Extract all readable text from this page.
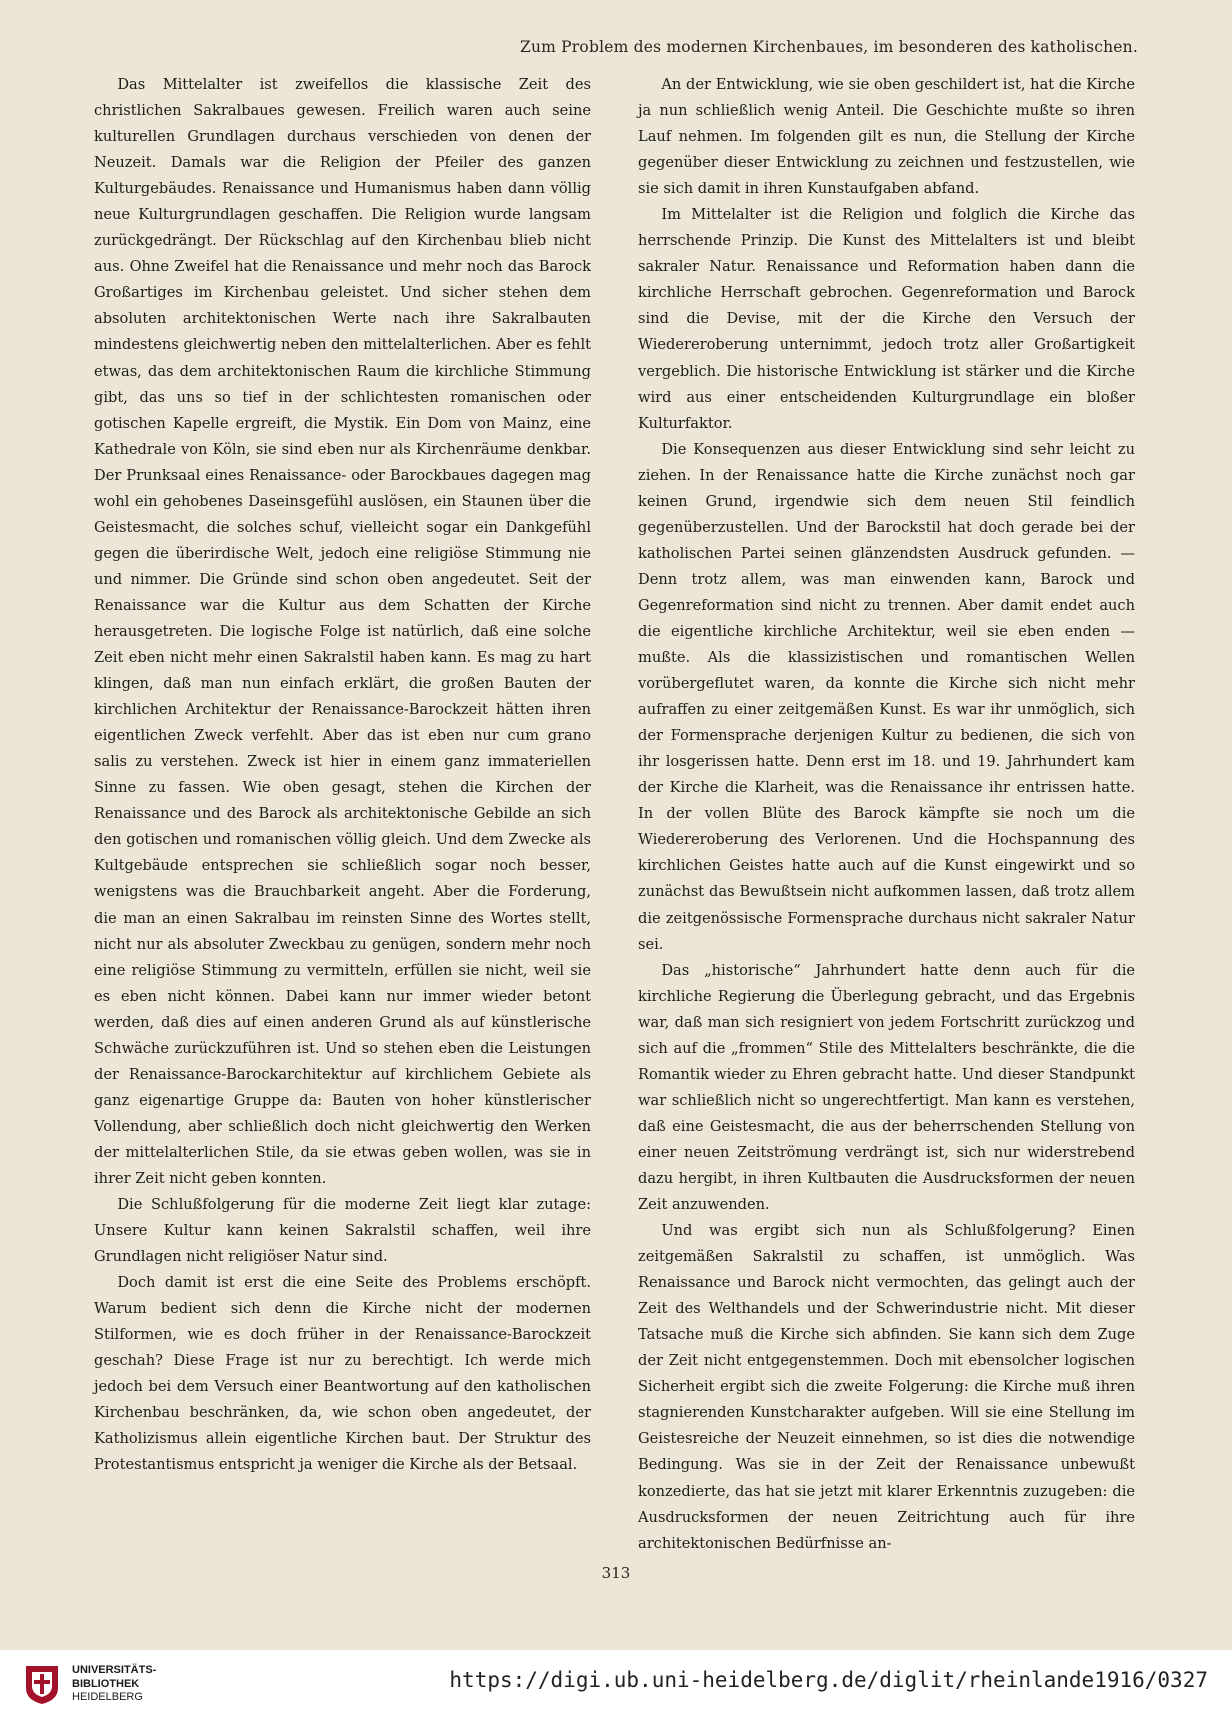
Zum Problem des modernen Kirchenbaues, im besonderen des katholischen.

Das Mittelalter ist zweifellos die klassische Zeit des christlichen Sakralbaues gewesen. Freilich waren auch seine kulturellen Grundlagen durchaus verschieden von denen der Neuzeit. Damals war die Religion der Pfeiler des ganzen Kulturgebäudes. Renaissance und Humanismus haben dann völlig neue Kulturgrundlagen geschaffen. Die Religion wurde langsam zurückgedrängt. Der Rückschlag auf den Kirchenbau blieb nicht aus. Ohne Zweifel hat die Renaissance und mehr noch das Barock Großartiges im Kirchenbau geleistet. Und sicher stehen dem absoluten architektonischen Werte nach ihre Sakralbauten mindestens gleichwertig neben den mittelalterlichen. Aber es fehlt etwas, das dem architektonischen Raum die kirchliche Stimmung gibt, das uns so tief in der schlichtesten romanischen oder gotischen Kapelle ergreift, die Mystik. Ein Dom von Mainz, eine Kathedrale von Köln, sie sind eben nur als Kirchenräume denkbar. Der Prunksaal eines Renaissance- oder Barockbaues dagegen mag wohl ein gehobenes Daseinsgefühl auslösen, ein Staunen über die Geistesmacht, die solches schuf, vielleicht sogar ein Dankgefühl gegen die überirdische Welt, jedoch eine religiöse Stimmung nie und nimmer. Die Gründe sind schon oben angedeutet. Seit der Renaissance war die Kultur aus dem Schatten der Kirche herausgetreten. Die logische Folge ist natürlich, daß eine solche Zeit eben nicht mehr einen Sakralstil haben kann. Es mag zu hart klingen, daß man nun einfach erklärt, die großen Bauten der kirchlichen Architektur der Renaissance-Barockzeit hätten ihren eigentlichen Zweck verfehlt. Aber das ist eben nur cum grano salis zu verstehen. Zweck ist hier in einem ganz immateriellen Sinne zu fassen. Wie oben gesagt, stehen die Kirchen der Renaissance und des Barock als architektonische Gebilde an sich den gotischen und romanischen völlig gleich. Und dem Zwecke als Kultgebäude entsprechen sie schließlich sogar noch besser, wenigstens was die Brauchbarkeit angeht. Aber die Forderung, die man an einen Sakralbau im reinsten Sinne des Wortes stellt, nicht nur als absoluter Zweckbau zu genügen, sondern mehr noch eine religiöse Stimmung zu vermitteln, erfüllen sie nicht, weil sie es eben nicht können. Dabei kann nur immer wieder betont werden, daß dies auf einen anderen Grund als auf künstlerische Schwäche zurückzuführen ist. Und so stehen eben die Leistungen der Renaissance-Barockarchitektur auf kirchlichem Gebiete als ganz eigenartige Gruppe da: Bauten von hoher künstlerischer Vollendung, aber schließlich doch nicht gleichwertig den Werken der mittelalterlichen Stile, da sie etwas geben wollen, was sie in ihrer Zeit nicht geben konnten.

Die Schlußfolgerung für die moderne Zeit liegt klar zutage: Unsere Kultur kann keinen Sakralstil schaffen, weil ihre Grundlagen nicht religiöser Natur sind.

Doch damit ist erst die eine Seite des Problems erschöpft. Warum bedient sich denn die Kirche nicht der modernen Stilformen, wie es doch früher in der Renaissance-Barockzeit geschah? Diese Frage ist nur zu berechtigt. Ich werde mich jedoch bei dem Versuch einer Beantwortung auf den katholischen Kirchenbau beschränken, da, wie schon oben angedeutet, der Katholizismus allein eigentliche Kirchen baut. Der Struktur des Protestantismus entspricht ja weniger die Kirche als der Betsaal.

An der Entwicklung, wie sie oben geschildert ist, hat die Kirche ja nun schließlich wenig Anteil. Die Geschichte mußte so ihren Lauf nehmen. Im folgenden gilt es nun, die Stellung der Kirche gegenüber dieser Entwicklung zu zeichnen und festzustellen, wie sie sich damit in ihren Kunstaufgaben abfand.

Im Mittelalter ist die Religion und folglich die Kirche das herrschende Prinzip. Die Kunst des Mittelalters ist und bleibt sakraler Natur. Renaissance und Reformation haben dann die kirchliche Herrschaft gebrochen. Gegenreformation und Barock sind die Devise, mit der die Kirche den Versuch der Wiedereroberung unternimmt, jedoch trotz aller Großartigkeit vergeblich. Die historische Entwicklung ist stärker und die Kirche wird aus einer entscheidenden Kulturgrundlage ein bloßer Kulturfaktor.

Die Konsequenzen aus dieser Entwicklung sind sehr leicht zu ziehen. In der Renaissance hatte die Kirche zunächst noch gar keinen Grund, irgendwie sich dem neuen Stil feindlich gegenüberzustellen. Und der Barockstil hat doch gerade bei der katholischen Partei seinen glänzendsten Ausdruck gefunden. — Denn trotz allem, was man einwenden kann, Barock und Gegenreformation sind nicht zu trennen. Aber damit endet auch die eigentliche kirchliche Architektur, weil sie eben enden — mußte. Als die klassizistischen und romantischen Wellen vorübergeflutet waren, da konnte die Kirche sich nicht mehr aufraffen zu einer zeitgemäßen Kunst. Es war ihr unmöglich, sich der Formensprache derjenigen Kultur zu bedienen, die sich von ihr losgerissen hatte. Denn erst im 18. und 19. Jahrhundert kam der Kirche die Klarheit, was die Renaissance ihr entrissen hatte. In der vollen Blüte des Barock kämpfte sie noch um die Wiedereroberung des Verlorenen. Und die Hochspannung des kirchlichen Geistes hatte auch auf die Kunst eingewirkt und so zunächst das Bewußtsein nicht aufkommen lassen, daß trotz allem die zeitgenössische Formensprache durchaus nicht sakraler Natur sei.

Das „historische“ Jahrhundert hatte denn auch für die kirchliche Regierung die Überlegung gebracht, und das Ergebnis war, daß man sich resigniert von jedem Fortschritt zurückzog und sich auf die „frommen“ Stile des Mittelalters beschränkte, die die Romantik wieder zu Ehren gebracht hatte. Und dieser Standpunkt war schließlich nicht so ungerechtfertigt. Man kann es verstehen, daß eine Geistesmacht, die aus der beherrschenden Stellung von einer neuen Zeitströmung verdrängt ist, sich nur widerstrebend dazu hergibt, in ihren Kultbauten die Ausdrucksformen der neuen Zeit anzuwenden.

Und was ergibt sich nun als Schlußfolgerung? Einen zeitgemäßen Sakralstil zu schaffen, ist unmöglich. Was Renaissance und Barock nicht vermochten, das gelingt auch der Zeit des Welthandels und der Schwerindustrie nicht. Mit dieser Tatsache muß die Kirche sich abfinden. Sie kann sich dem Zuge der Zeit nicht entgegenstemmen. Doch mit ebensolcher logischen Sicherheit ergibt sich die zweite Folgerung: die Kirche muß ihren stagnierenden Kunstcharakter aufgeben. Will sie eine Stellung im Geistesreiche der Neuzeit einnehmen, so ist dies die notwendige Bedingung. Was sie in der Zeit der Renaissance unbewußt konzedierte, das hat sie jetzt mit klarer Erkenntnis zuzugeben: die Ausdrucksformen der neuen Zeitrichtung auch für ihre architektonischen Bedürfnisse an-

313
UNIVERSITÄTS-
BIBLIOTHEK
HEIDELBERG
https://digi.ub.uni-heidelberg.de/diglit/rheinlande1916/0327
